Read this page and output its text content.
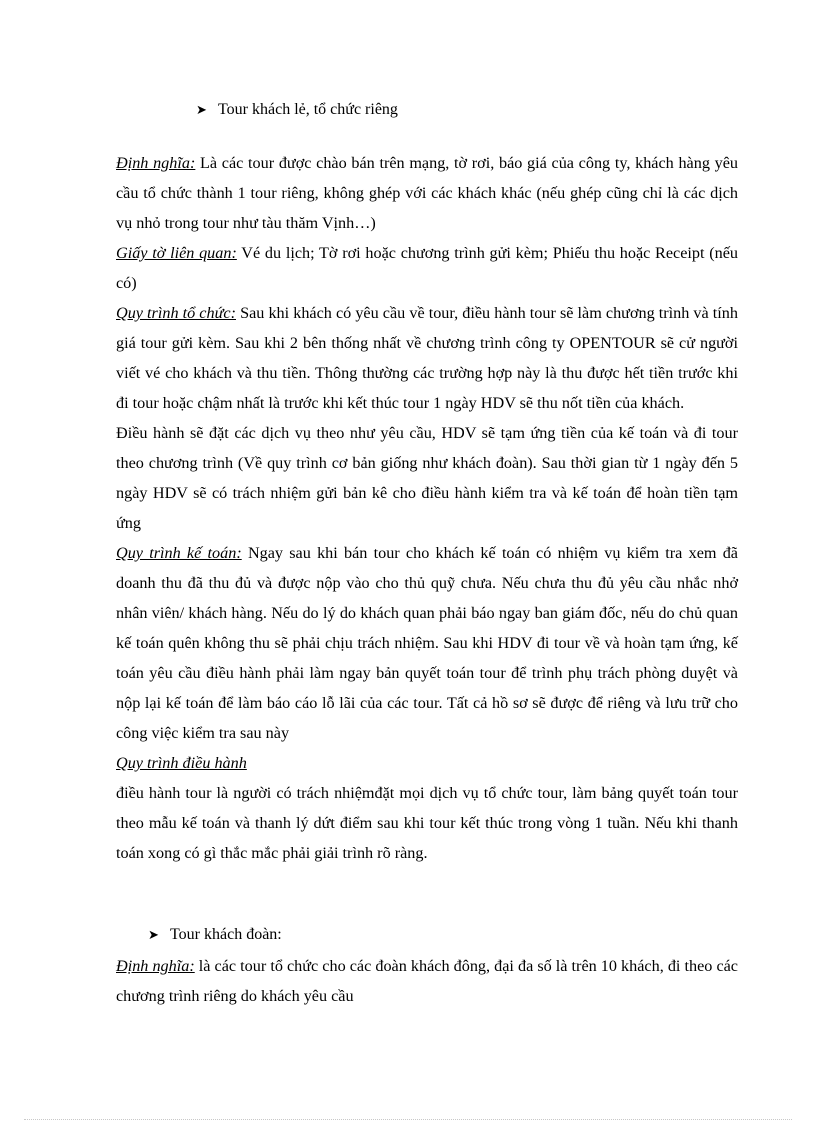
➤ Tour khách lẻ, tổ chức riêng

Định nghĩa: Là các tour được chào bán trên mạng, tờ rơi, báo giá của công ty, khách hàng yêu cầu tổ chức thành 1 tour riêng, không ghép với các khách khác (nếu ghép cũng chỉ là các dịch vụ nhỏ trong tour như tàu thăm Vịnh…)

Giấy tờ liên quan: Vé du lịch; Tờ rơi hoặc chương trình gửi kèm; Phiếu thu hoặc Receipt (nếu có)

Quy trình tổ chức: Sau khi khách có yêu cầu về tour, điều hành tour sẽ làm chương trình và tính giá tour gửi kèm. Sau khi 2 bên thống nhất về chương trình công ty OPENTOUR sẽ cử người viết vé cho khách và thu tiền. Thông thường các trường hợp này là thu được hết tiền trước khi đi tour hoặc chậm nhất là trước khi kết thúc tour 1 ngày HDV sẽ thu nốt tiền của khách.

Điều hành sẽ đặt các dịch vụ theo như yêu cầu, HDV sẽ tạm ứng tiền của kế toán và đi tour theo chương trình (Về quy trình cơ bản giống như khách đoàn). Sau thời gian từ 1 ngày đến 5 ngày HDV sẽ có trách nhiệm gửi bản kê cho điều hành kiểm tra và kế toán để hoàn tiền tạm ứng

Quy trình kế toán: Ngay sau khi bán tour cho khách kế toán có nhiệm vụ kiểm tra xem đã doanh thu đã thu đủ và được nộp vào cho thủ quỹ chưa. Nếu chưa thu đủ yêu cầu nhắc nhở nhân viên/ khách hàng. Nếu do lý do khách quan phải báo ngay ban giám đốc, nếu do chủ quan kế toán quên không thu sẽ phải chịu trách nhiệm. Sau khi HDV đi tour về và hoàn tạm ứng, kế toán yêu cầu điều hành phải làm ngay bản quyết toán tour để trình phụ trách phòng duyệt và nộp lại kế toán để làm báo cáo lỗ lãi của các tour. Tất cả hồ sơ sẽ được để riêng và lưu trữ cho công việc kiểm tra sau này

Quy trình điều hành

điều hành tour là người có trách nhiệmđặt mọi dịch vụ tổ chức tour, làm bảng quyết toán tour theo mẫu kế toán và thanh lý dứt điểm sau khi tour kết thúc trong vòng 1 tuần. Nếu khi thanh toán xong có gì thắc mắc phải giải trình rõ ràng.

➤ Tour khách đoàn:

Định nghĩa: là các tour tổ chức cho các đoàn khách đông, đại đa số là trên 10 khách, đi theo các chương trình riêng do khách yêu cầu
